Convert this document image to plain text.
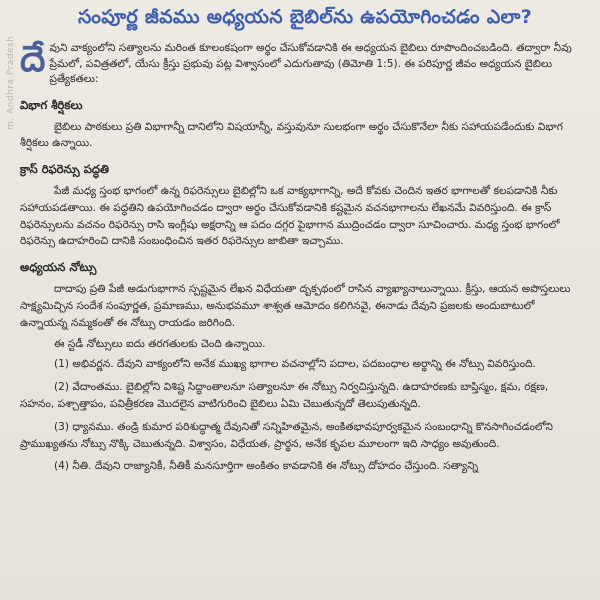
m. Andhra Pradesh
సంపూర్ణ జీవము అధ్యయన బైబిల్‌ను ఉపయోగించడం ఎలా?
దే వుని వాక్యంలోని సత్యాలను మరింత కూలంకషంగా అర్థం చేసుకోవడానికి ఈ అధ్యయన బైబిలు రూపొందించబడింది. తద్వారా నీవు ప్రేమలో, పవిత్రతలో, యేసు క్రీస్తు ప్రభువు పట్ల విశ్వాసంలో ఎదుగుతావు (తిమోతి 1:5). ఈ పరిపూర్ణ జీవం అధ్యయన బైబిలు ప్రత్యేకతలు:
విభాగ శీర్షికలు

బైబిలు పాఠకులు ప్రతి విభాగాన్నీ దానిలోని విషయాన్నీ, వస్తువునూ సులభంగా అర్థం చేసుకొనేలా నీకు సహాయపడేందుకు విభాగ శీర్షికలు ఉన్నాయి.

క్రాస్ రిఫరెన్సు పద్ధతి

పేజీ మధ్య స్తంభ భాగంలో ఉన్న రిఫరెన్సులు బైబిల్లోని ఒక వాక్యభాగాన్ని, అదే కోవకు చెందిన ఇతర భాగాలతో కలపడానికి నీకు సహాయపడతాయి. ఈ పద్ధతిని ఉపయోగించడం ద్వారా అర్థం చేసుకోవడానికి కష్టమైన వచనభాగాలను లేఖనమే వివరిస్తుంది. ఈ క్రాస్ రిఫరెన్సులను వచనం రిఫరెన్సు రాసి ఇంగ్లీషు అక్షరాన్ని ఆ పదం దగ్గర పైభాగాన ముద్రించడం ద్వారా సూచించారు. మధ్య స్తంభ భాగంలో రిఫరెన్సు ఉదాహరించి దానికి సంబంధించిన ఇతర రిఫరెన్సుల జాబితా ఇచ్చాము.

అధ్యయన నోట్సు

దాదాపు ప్రతి పేజీ అడుగుభాగాన స్పష్టమైన లేఖన విధేయతా దృక్పథంలో రాసిన వ్యాఖ్యానాలున్నాయి. క్రీస్తు, ఆయన అపొస్తలులు సాక్ష్యమిచ్చిన సందేశ సంపూర్ణత, ప్రమాణము, అనుభవమూ శాశ్వత ఆమోదం కలిగినవై, ఈనాడు దేవుని ప్రజలకు అందుబాటులో ఉన్నాయన్న నమ్మకంతో ఈ నోట్సు రాయడం జరిగింది.

ఈ స్టడీ నోట్సులు ఐదు తరగతులకు చెంది ఉన్నాయి.

(1) అభివర్ణన. దేవుని వాక్యంలోని అనేక ముఖ్య భాగాల వచనాల్లోని పదాల, పదబంధాల అర్థాన్ని ఈ నోట్సు వివరిస్తుంది.

(2) వేదాంతము. బైబిల్లోని విశిష్ట సిద్ధాంతాలనూ సత్యాలనూ ఈ నోట్సు నిర్వచిస్తున్నది. ఉదాహరణకు బాప్తిస్మం, క్షమ, రక్షణ, సహనం, పశ్చాత్తాపం, పవిత్రీకరణ మొదలైన వాటిగురించి బైబిలు ఏమి చెబుతున్నదో తెలుపుతున్నది.

(3) ధ్యానము. తండ్రి కుమార పరిశుద్ధాత్మ దేవునితో సన్నిహితమైన, అంకితభావపూర్వకమైన సంబంధాన్ని కొనసాగించడంలోని ప్రాముఖ్యతను నోట్సు నొక్కి చెబుతున్నది. విశ్వాసం, విధేయత, ప్రార్థన, అనేక కృపల మూలంగా ఇది సాధ్యం అవుతుంది.

(4) నీతి. దేవుని రాజ్యానికీ, నీతికీ మనసూర్తిగా అంకితం కావడానికి ఈ నోట్సు దోహదం చేస్తుంది. సత్యాన్ని
